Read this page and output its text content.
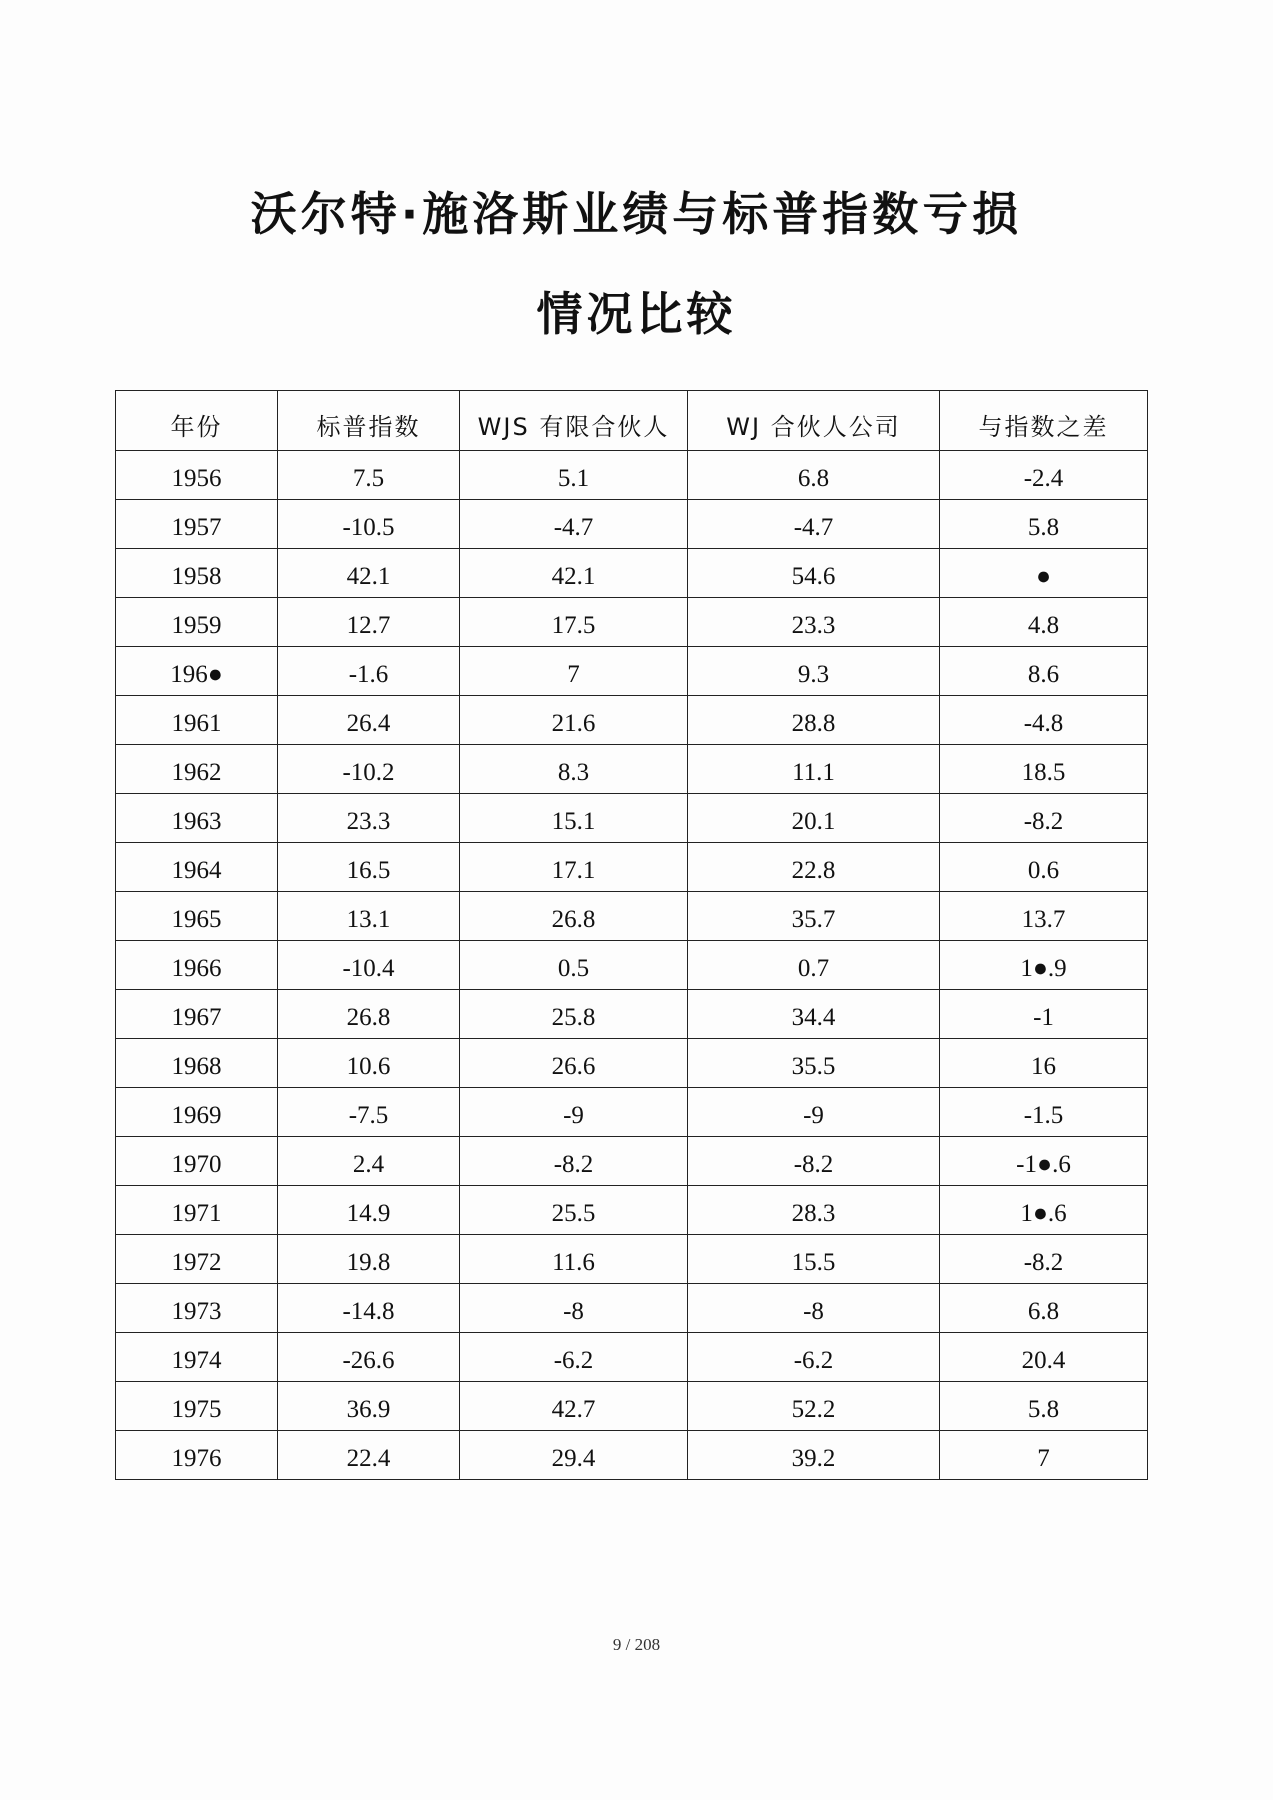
沃尔特·施洛斯业绩与标普指数亏损
情况比较
年份	标普指数	WJS 有限合伙人	WJ 合伙人公司	与指数之差
1956	7.5	5.1	6.8	-2.4
1957	-10.5	-4.7	-4.7	5.8
1958	42.1	42.1	54.6	●
1959	12.7	17.5	23.3	4.8
196●	-1.6	7	9.3	8.6
1961	26.4	21.6	28.8	-4.8
1962	-10.2	8.3	11.1	18.5
1963	23.3	15.1	20.1	-8.2
1964	16.5	17.1	22.8	0.6
1965	13.1	26.8	35.7	13.7
1966	-10.4	0.5	0.7	1●.9
1967	26.8	25.8	34.4	-1
1968	10.6	26.6	35.5	16
1969	-7.5	-9	-9	-1.5
1970	2.4	-8.2	-8.2	-1●.6
1971	14.9	25.5	28.3	1●.6
1972	19.8	11.6	15.5	-8.2
1973	-14.8	-8	-8	6.8
1974	-26.6	-6.2	-6.2	20.4
1975	36.9	42.7	52.2	5.8
1976	22.4	29.4	39.2	7
9 / 208
